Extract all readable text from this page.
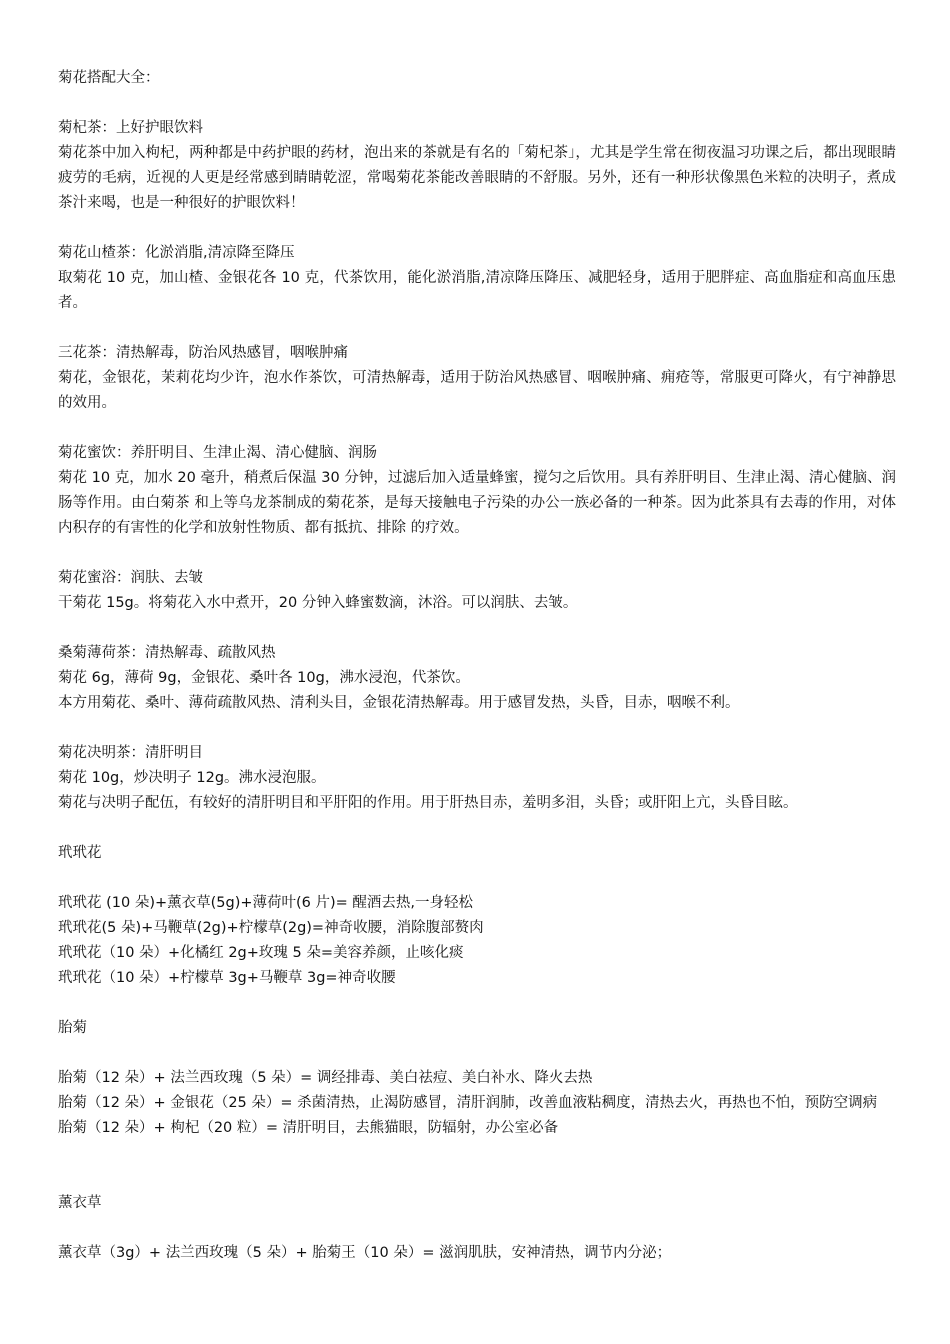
菊花搭配大全：

菊杞茶：上好护眼饮料

菊花茶中加入枸杞，两种都是中药护眼的药材，泡出来的茶就是有名的「菊杞茶」，尤其是学生常在彻夜温习功课之后，都出现眼睛疲劳的毛病，近视的人更是经常感到睛睛乾涩，常喝菊花茶能改善眼睛的不舒服。另外，还有一种形状像黑色米粒的决明子，煮成茶汁来喝，也是一种很好的护眼饮料！

菊花山楂茶：化淤消脂,清凉降至降压

取菊花 10 克，加山楂、金银花各 10 克，代茶饮用，能化淤消脂,清凉降压降压、减肥轻身，适用于肥胖症、高血脂症和高血压患者。

三花茶：清热解毒，防治风热感冒，咽喉肿痛

菊花，金银花，茉莉花均少许，泡水作茶饮，可清热解毒，适用于防治风热感冒、咽喉肿痛、痈疮等，常服更可降火，有宁神静思的效用。

菊花蜜饮：养肝明目、生津止渴、清心健脑、润肠

菊花 10 克，加水 20 毫升，稍煮后保温 30 分钟，过滤后加入适量蜂蜜，搅匀之后饮用。具有养肝明目、生津止渴、清心健脑、润肠等作用。由白菊茶 和上等乌龙茶制成的菊花茶，是每天接触电子污染的办公一族必备的一种茶。因为此茶具有去毒的作用，对体内积存的有害性的化学和放射性物质、都有抵抗、排除 的疗效。

菊花蜜浴：润肤、去皱

干菊花 15g。将菊花入水中煮开，20 分钟入蜂蜜数滴，沐浴。可以润肤、去皱。

桑菊薄荷茶：清热解毒、疏散风热

菊花 6g，薄荷 9g，金银花、桑叶各 10g，沸水浸泡，代茶饮。

本方用菊花、桑叶、薄荷疏散风热、清利头目，金银花清热解毒。用于感冒发热，头昏，目赤，咽喉不利。

菊花决明茶：清肝明目

菊花 10g，炒决明子 12g。沸水浸泡服。

菊花与决明子配伍，有较好的清肝明目和平肝阳的作用。用于肝热目赤，羞明多泪，头昏；或肝阳上亢，头昏目眩。

玳玳花

玳玳花 (10 朵)+薰衣草(5g)+薄荷叶(6 片)= 醒酒去热,一身轻松

玳玳花(5 朵)+马鞭草(2g)+柠檬草(2g)=神奇收腰，消除腹部赘肉

玳玳花（10 朵）+化橘红 2g+玫瑰 5 朵=美容养颜，止咳化痰

玳玳花（10 朵）+柠檬草 3g+马鞭草 3g=神奇收腰

胎菊

胎菊（12 朵）+ 法兰西玫瑰（5 朵）= 调经排毒、美白祛痘、美白补水、降火去热

胎菊（12 朵）+ 金银花（25 朵）= 杀菌清热，止渴防感冒，清肝润肺，改善血液粘稠度，清热去火，再热也不怕，预防空调病

胎菊（12 朵）+ 枸杞（20 粒）= 清肝明目，去熊猫眼，防辐射，办公室必备

薰衣草

薰衣草（3g）+ 法兰西玫瑰（5 朵）+ 胎菊王（10 朵）= 滋润肌肤，安神清热，调节内分泌；
